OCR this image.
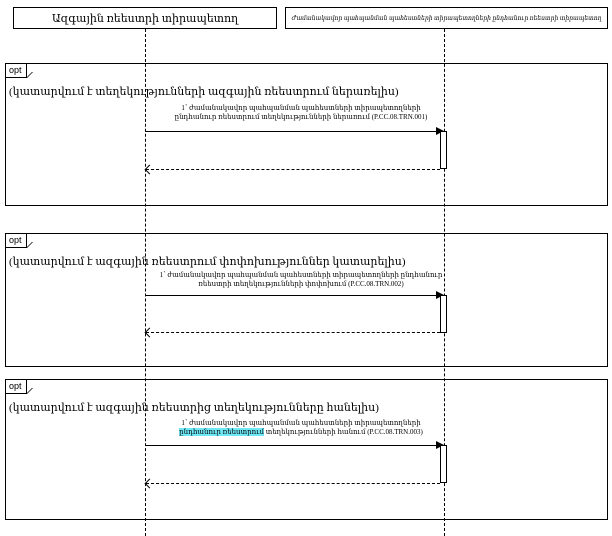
Ազգային ռեեստրի տիրապետող	Ժամանակավոր պահպանման պահեստների տիրապետողների ընդհանուր ռեեստրի տիրապետող
opt
(կատարվում է տեղեկությունների ազգային ռեեստրում ներառելիս)
1՝ ժամանակավոր պահպանման պահեստների տիրապետողների
ընդհանուր ռեեստրում տեղեկությունների ներառում (P.CC.08.TRN.001)
opt
(կատարվում է ազգային ռեեստրում փոփոխություններ կատարելիս)
1՝ ժամանակավոր պահպանման պահեստների տիրապետողների ընդհանուր
ռեեստրի տեղեկությունների փոփոխում (P.CC.08.TRN.002)
opt
(կատարվում է ազգային ռեեստրից տեղեկությունները հանելիս)
1՝ ժամանակավոր պահպանման պահեստների տիրապետողների
ընդհանուր ռեեստրում տեղեկությունների հանում (P.CC.08.TRN.003)
